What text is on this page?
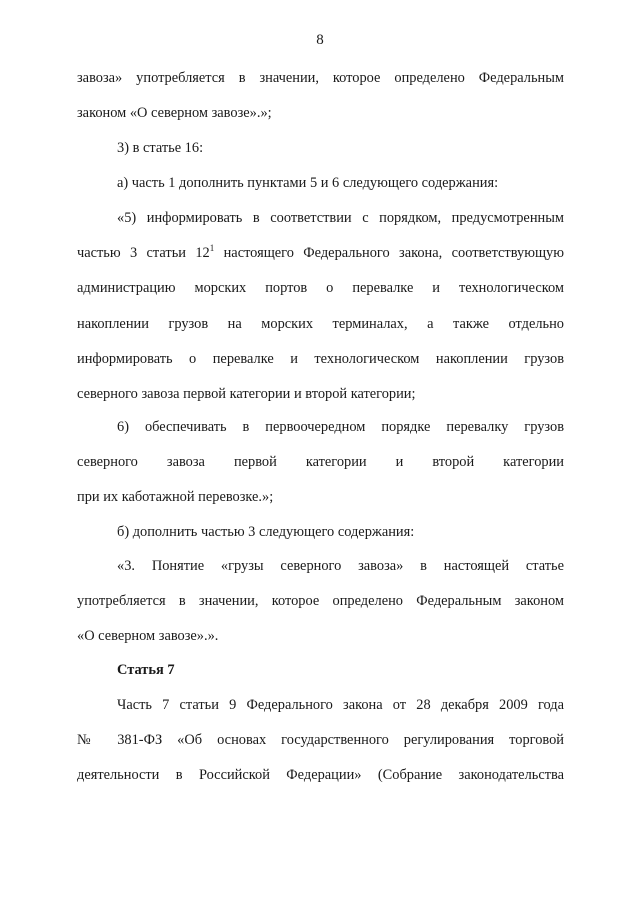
8
завоза» употребляется в значении, которое определено Федеральным
законом «О северном завозе».»;
3) в статье 16:
а) часть 1 дополнить пунктами 5 и 6 следующего содержания:
«5) информировать в соответствии с порядком, предусмотренным
частью 3 статьи $12^1$ настоящего Федерального закона, соответствующую
администрацию морских портов о перевалке и технологическом
накоплении грузов на морских терминалах, а также отдельно
информировать о перевалке и технологическом накоплении грузов
северного завоза первой категории и второй категории;
6) обеспечивать в первоочередном порядке перевалку грузов
северного завоза первой категории и второй категории
при их каботажной перевозке.»;
б) дополнить частью 3 следующего содержания:
«3. Понятие «грузы северного завоза» в настоящей статье
употребляется в значении, которое определено Федеральным законом
«О северном завозе».».
Статья 7
Часть 7 статьи 9 Федерального закона от 28 декабря 2009 года
№ 381-ФЗ «Об основах государственного регулирования торговой
деятельности в Российской Федерации» (Собрание законодательства
